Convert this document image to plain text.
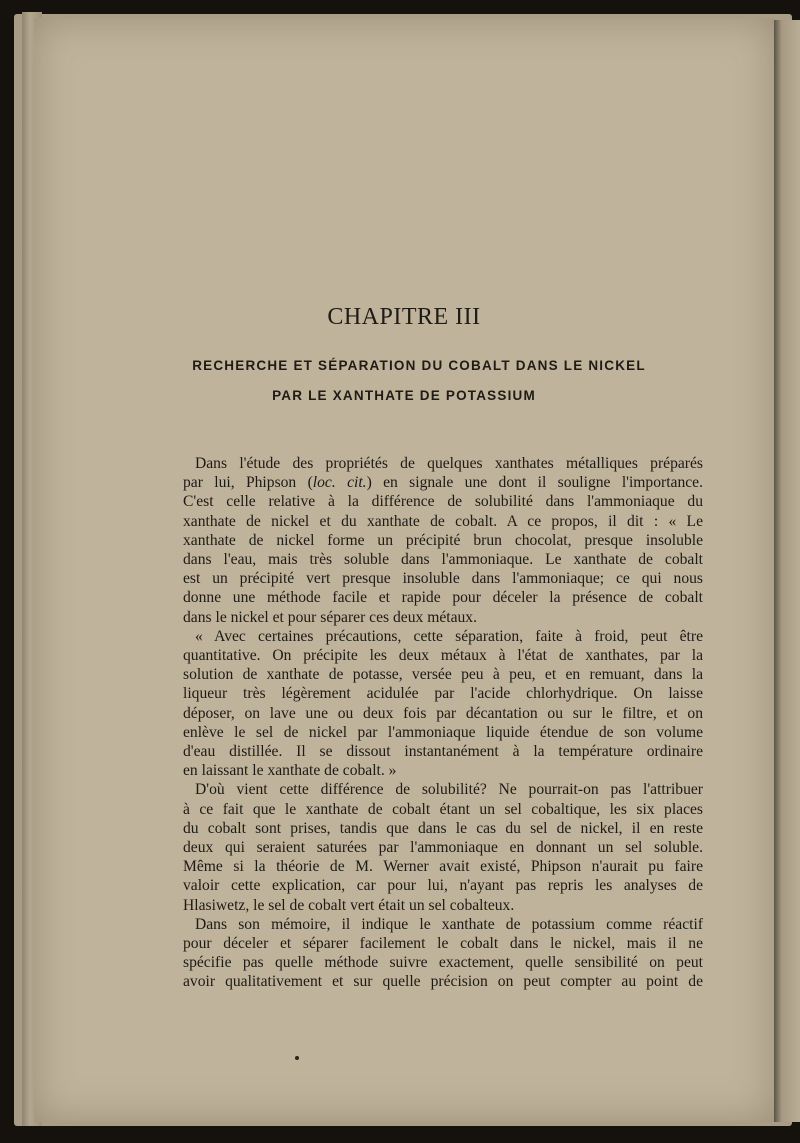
CHAPITRE III
RECHERCHE ET SÉPARATION DU COBALT DANS LE NICKEL
PAR LE XANTHATE DE POTASSIUM

Dans l'étude des propriétés de quelques xanthates métalliques préparés

par lui, Phipson (loc. cit.) en signale une dont il souligne l'importance.

C'est celle relative à la différence de solubilité dans l'ammoniaque du

xanthate de nickel et du xanthate de cobalt. A ce propos, il dit : « Le

xanthate de nickel forme un précipité brun chocolat, presque insoluble

dans l'eau, mais très soluble dans l'ammoniaque. Le xanthate de cobalt

est un précipité vert presque insoluble dans l'ammoniaque; ce qui nous

donne une méthode facile et rapide pour déceler la présence de cobalt

dans le nickel et pour séparer ces deux métaux.

« Avec certaines précautions, cette séparation, faite à froid, peut être

quantitative. On précipite les deux métaux à l'état de xanthates, par la

solution de xanthate de potasse, versée peu à peu, et en remuant, dans la

liqueur très légèrement acidulée par l'acide chlorhydrique. On laisse

déposer, on lave une ou deux fois par décantation ou sur le filtre, et on

enlève le sel de nickel par l'ammoniaque liquide étendue de son volume

d'eau distillée. Il se dissout instantanément à la température ordinaire

en laissant le xanthate de cobalt. »

D'où vient cette différence de solubilité? Ne pourrait-on pas l'attribuer

à ce fait que le xanthate de cobalt étant un sel cobaltique, les six places

du cobalt sont prises, tandis que dans le cas du sel de nickel, il en reste

deux qui seraient saturées par l'ammoniaque en donnant un sel soluble.

Même si la théorie de M. Werner avait existé, Phipson n'aurait pu faire

valoir cette explication, car pour lui, n'ayant pas repris les analyses de

Hlasiwetz, le sel de cobalt vert était un sel cobalteux.

Dans son mémoire, il indique le xanthate de potassium comme réactif

pour déceler et séparer facilement le cobalt dans le nickel, mais il ne

spécifie pas quelle méthode suivre exactement, quelle sensibilité on peut

avoir qualitativement et sur quelle précision on peut compter au point de
